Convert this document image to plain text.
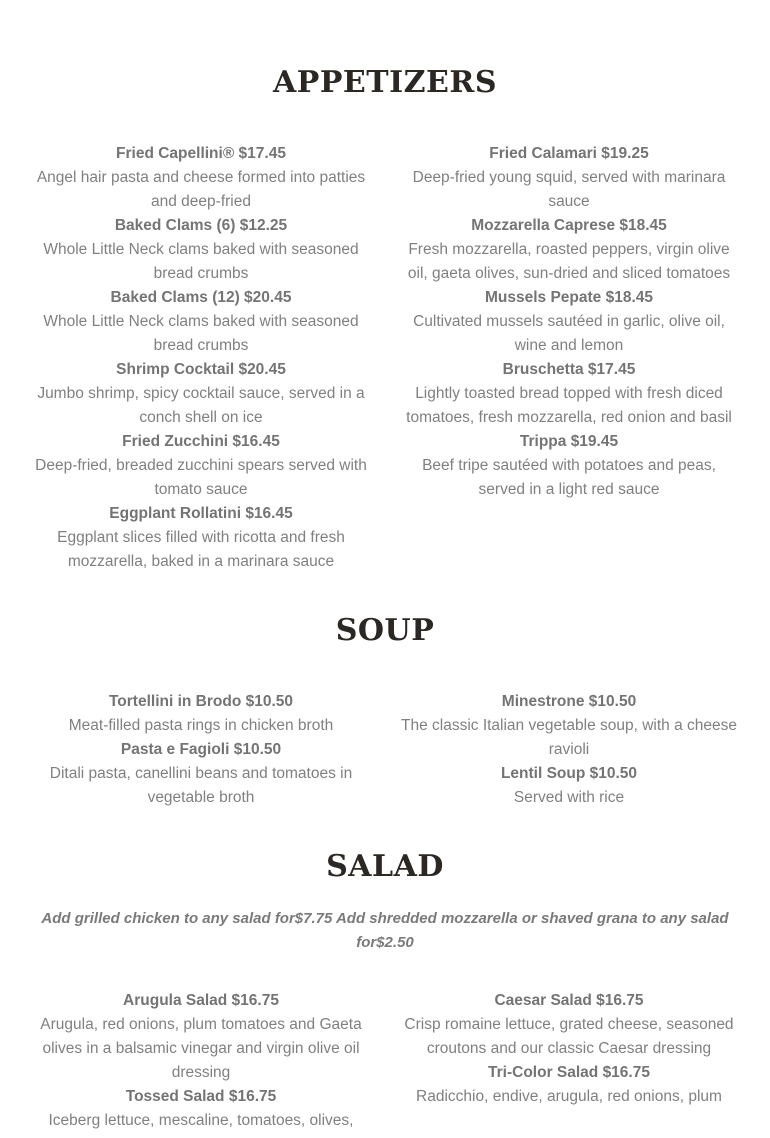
APPETIZERS
Fried Capellini® $17.45
Angel hair pasta and cheese formed into patties and deep-fried
Baked Clams (6) $12.25
Whole Little Neck clams baked with seasoned bread crumbs
Baked Clams (12) $20.45
Whole Little Neck clams baked with seasoned bread crumbs
Shrimp Cocktail $20.45
Jumbo shrimp, spicy cocktail sauce, served in a conch shell on ice
Fried Zucchini $16.45
Deep-fried, breaded zucchini spears served with tomato sauce
Eggplant Rollatini $16.45
Eggplant slices filled with ricotta and fresh mozzarella, baked in a marinara sauce
Fried Calamari $19.25
Deep-fried young squid, served with marinara sauce
Mozzarella Caprese $18.45
Fresh mozzarella, roasted peppers, virgin olive oil, gaeta olives, sun-dried and sliced tomatoes
Mussels Pepate $18.45
Cultivated mussels sautéed in garlic, olive oil, wine and lemon
Bruschetta $17.45
Lightly toasted bread topped with fresh diced tomatoes, fresh mozzarella, red onion and basil
Trippa $19.45
Beef tripe sautéed with potatoes and peas, served in a light red sauce
SOUP
Tortellini in Brodo $10.50
Meat-filled pasta rings in chicken broth
Pasta e Fagioli $10.50
Ditali pasta, canellini beans and tomatoes in vegetable broth
Minestrone $10.50
The classic Italian vegetable soup, with a cheese ravioli
Lentil Soup $10.50
Served with rice
SALAD
Add grilled chicken to any salad for$7.75 Add shredded mozzarella or shaved grana to any salad for$2.50
Arugula Salad $16.75
Arugula, red onions, plum tomatoes and Gaeta olives in a balsamic vinegar and virgin olive oil dressing
Tossed Salad $16.75
Iceberg lettuce, mescaline, tomatoes, olives,
Caesar Salad $16.75
Crisp romaine lettuce, grated cheese, seasoned croutons and our classic Caesar dressing
Tri-Color Salad $16.75
Radicchio, endive, arugula, red onions, plum
